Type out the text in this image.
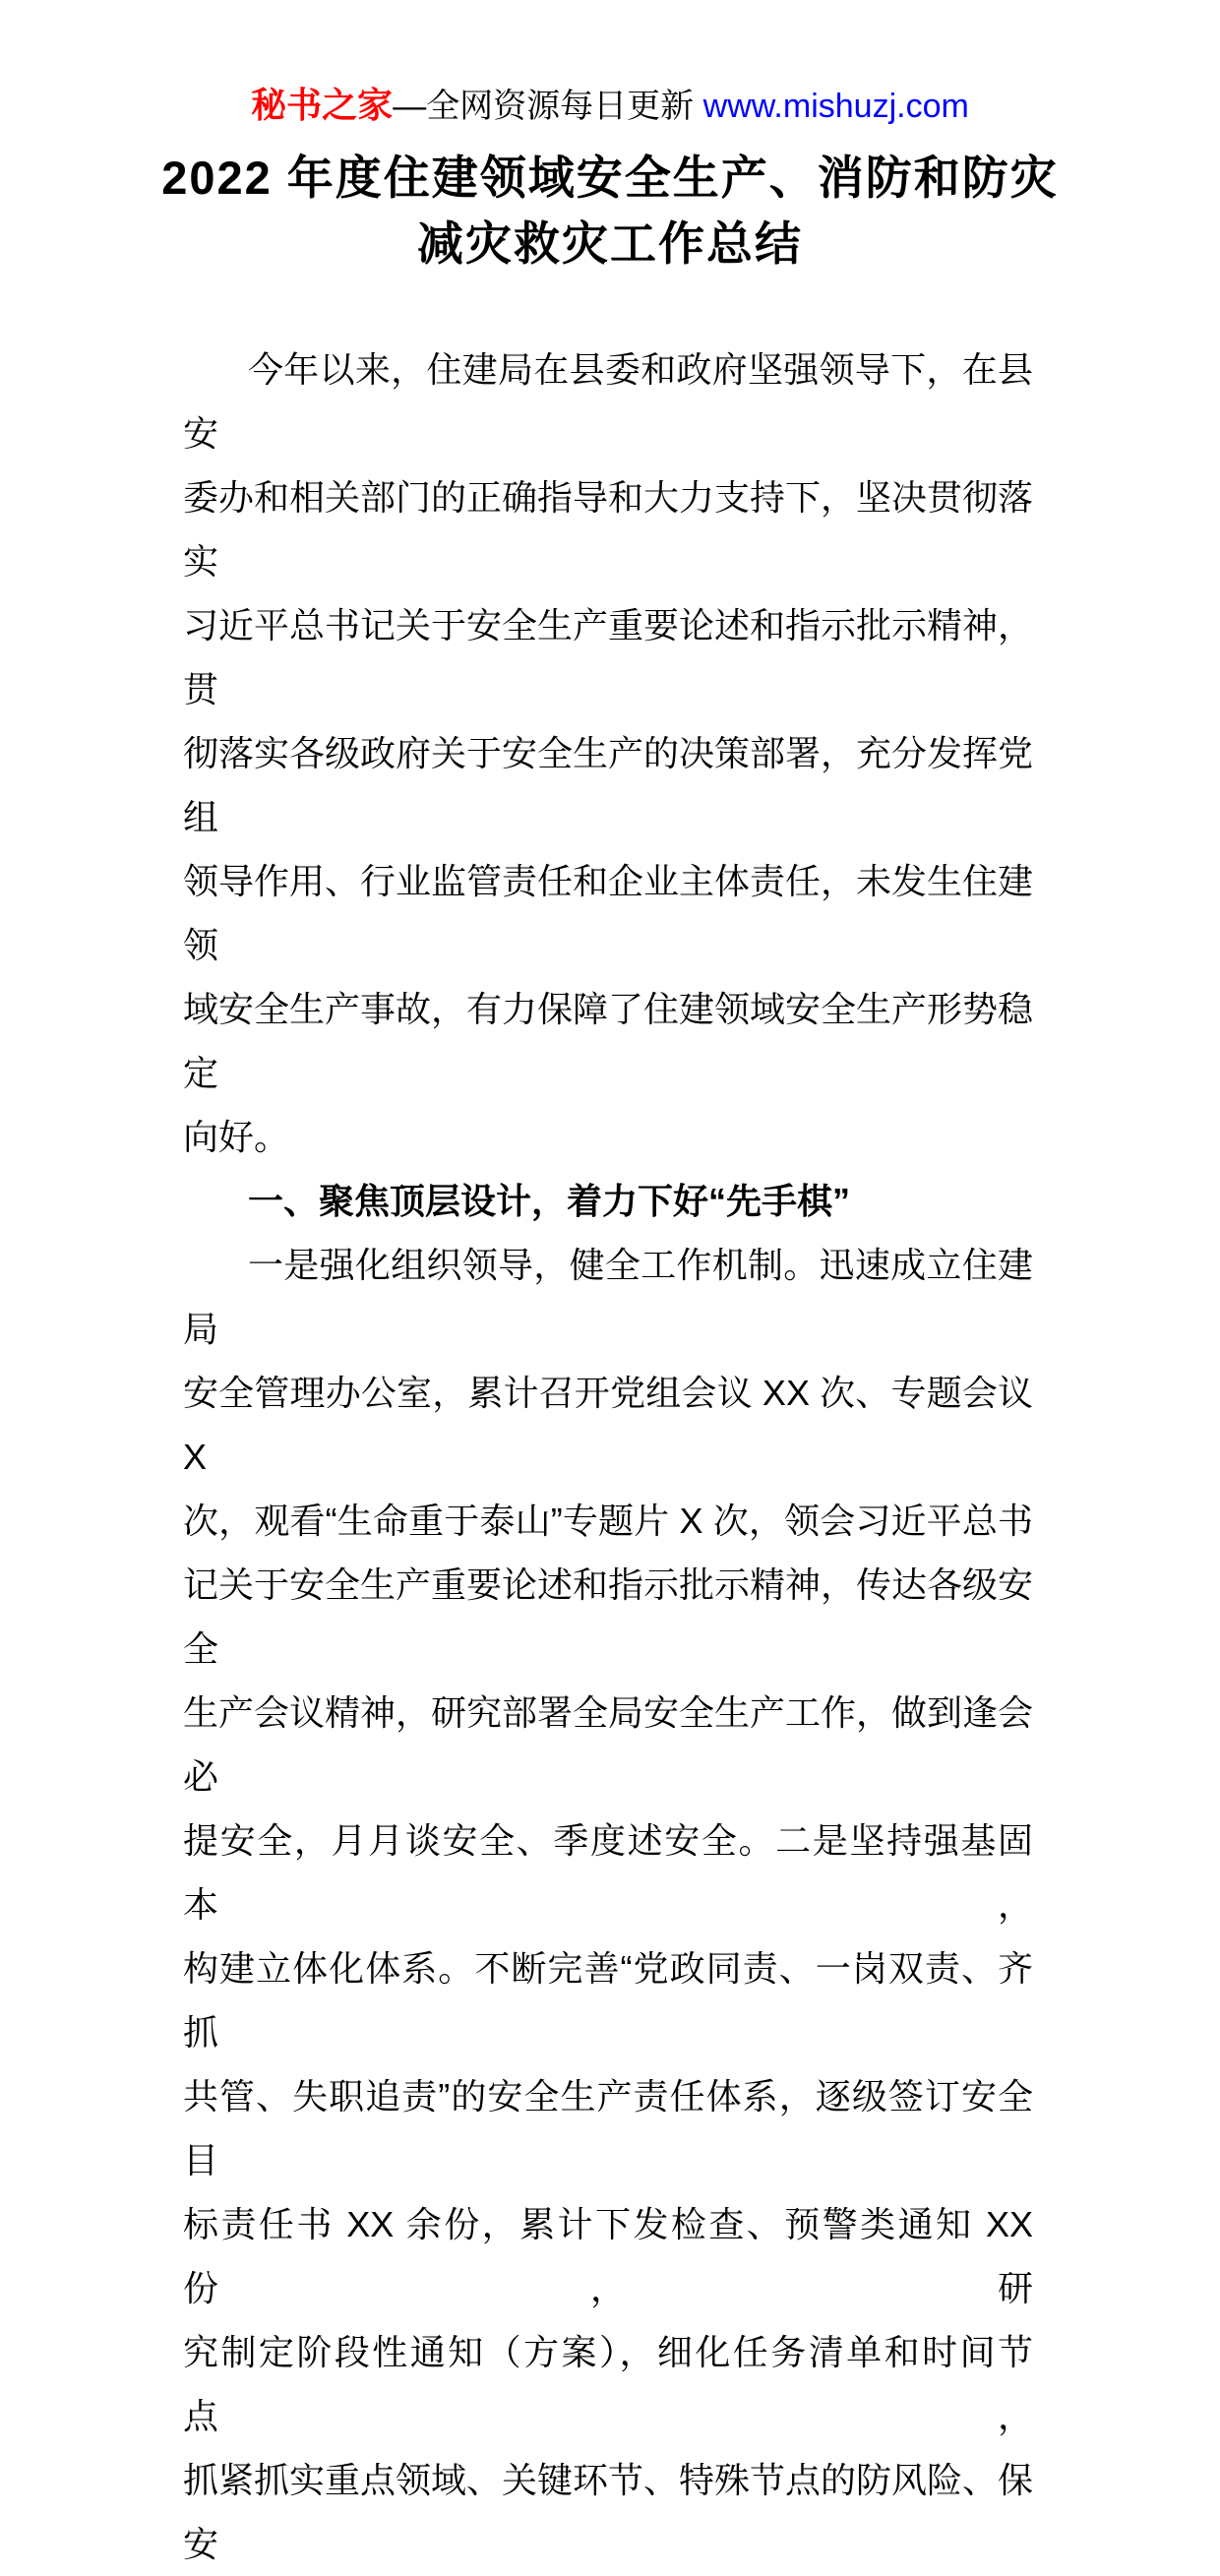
秘书之家—全网资源每日更新 www.mishuzj.com
2022 年度住建领域安全生产、消防和防灾
减灾救灾工作总结
今年以来，住建局在县委和政府坚强领导下，在县安
委办和相关部门的正确指导和大力支持下，坚决贯彻落实
习近平总书记关于安全生产重要论述和指示批示精神，贯
彻落实各级政府关于安全生产的决策部署，充分发挥党组
领导作用、行业监管责任和企业主体责任，未发生住建领
域安全生产事故，有力保障了住建领域安全生产形势稳定
向好。
一、聚焦顶层设计，着力下好“先手棋”
一是强化组织领导，健全工作机制。迅速成立住建局
安全管理办公室，累计召开党组会议 XX 次、专题会议 X
次，观看“生命重于泰山”专题片 X 次，领会习近平总书
记关于安全生产重要论述和指示批示精神，传达各级安全
生产会议精神，研究部署全局安全生产工作，做到逢会必
提安全，月月谈安全、季度述安全。二是坚持强基固本，
构建立体化体系。不断完善“党政同责、一岗双责、齐抓
共管、失职追责”的安全生产责任体系，逐级签订安全目
标责任书 XX 余份，累计下发检查、预警类通知 XX 份，研
究制定阶段性通知（方案），细化任务清单和时间节点，
抓紧抓实重点领域、关键环节、特殊节点的防风险、保安
